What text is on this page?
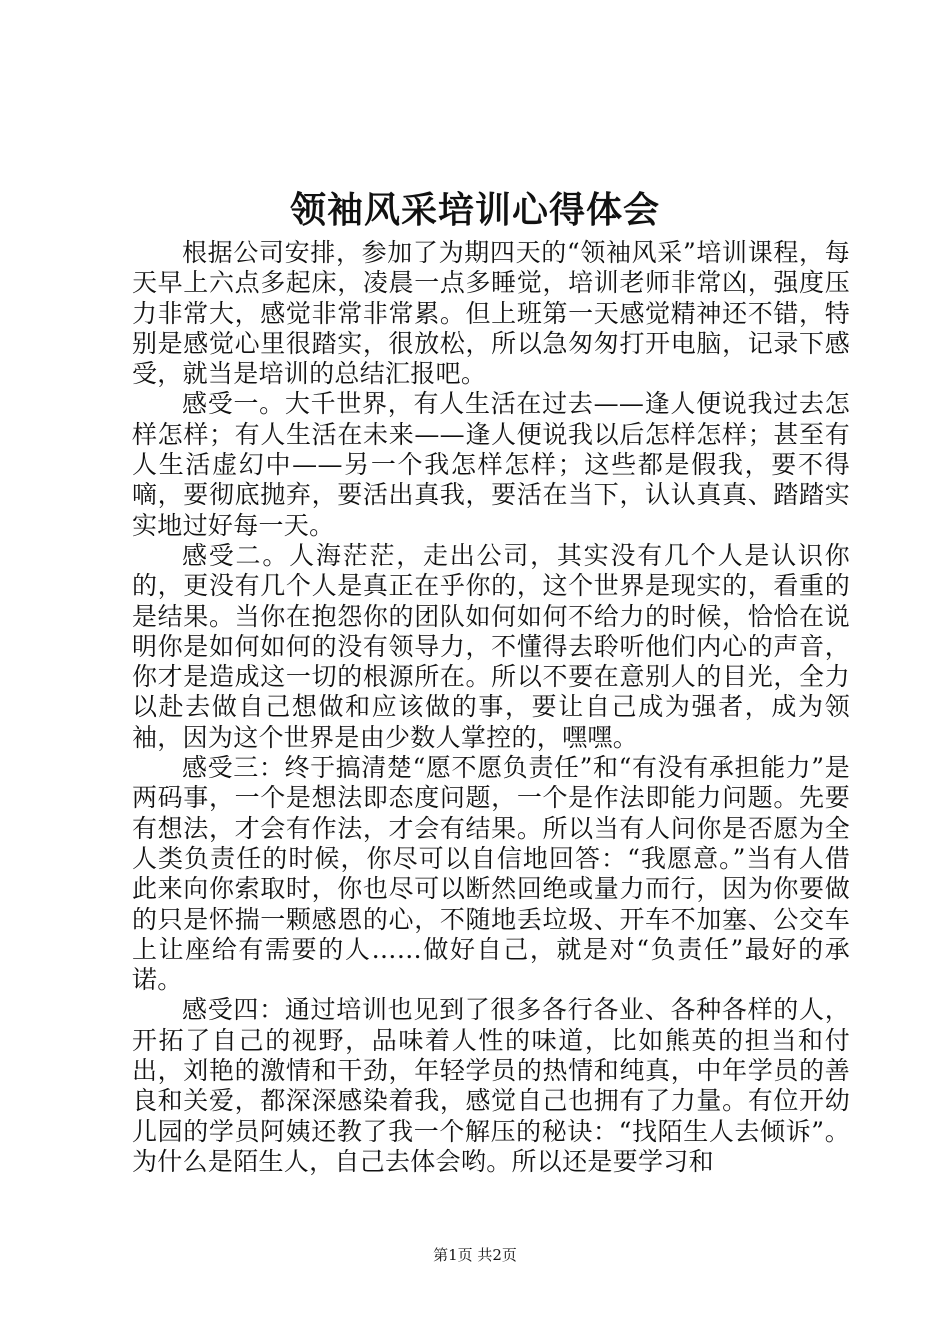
领袖风采培训心得体会

根据公司安排，参加了为期四天的“领袖风采”培训课程，每天早上六点多起床，凌晨一点多睡觉，培训老师非常凶，强度压力非常大，感觉非常非常累。但上班第一天感觉精神还不错，特别是感觉心里很踏实，很放松，所以急匆匆打开电脑，记录下感受，就当是培训的总结汇报吧。

感受一。大千世界，有人生活在过去——逢人便说我过去怎样怎样；有人生活在未来——逢人便说我以后怎样怎样；甚至有人生活虚幻中——另一个我怎样怎样；这些都是假我，要不得嘀，要彻底抛弃，要活出真我，要活在当下，认认真真、踏踏实实地过好每一天。

感受二。人海茫茫，走出公司，其实没有几个人是认识你的，更没有几个人是真正在乎你的，这个世界是现实的，看重的是结果。当你在抱怨你的团队如何如何不给力的时候，恰恰在说明你是如何如何的没有领导力，不懂得去聆听他们内心的声音，你才是造成这一切的根源所在。所以不要在意别人的目光，全力以赴去做自己想做和应该做的事，要让自己成为强者，成为领袖，因为这个世界是由少数人掌控的，嘿嘿。

感受三：终于搞清楚“愿不愿负责任”和“有没有承担能力”是两码事，一个是想法即态度问题，一个是作法即能力问题。先要有想法，才会有作法，才会有结果。所以当有人问你是否愿为全人类负责任的时候，你尽可以自信地回答：“我愿意。”当有人借此来向你索取时，你也尽可以断然回绝或量力而行，因为你要做的只是怀揣一颗感恩的心，不随地丢垃圾、开车不加塞、公交车上让座给有需要的人……做好自己，就是对“负责任”最好的承诺。

感受四：通过培训也见到了很多各行各业、各种各样的人，开拓了自己的视野，品味着人性的味道，比如熊英的担当和付出，刘艳的激情和干劲，年轻学员的热情和纯真，中年学员的善良和关爱，都深深感染着我，感觉自己也拥有了力量。有位开幼儿园的学员阿姨还教了我一个解压的秘诀：“找陌生人去倾诉”。为什么是陌生人，自己去体会哟。所以还是要学习和

第1页 共2页
